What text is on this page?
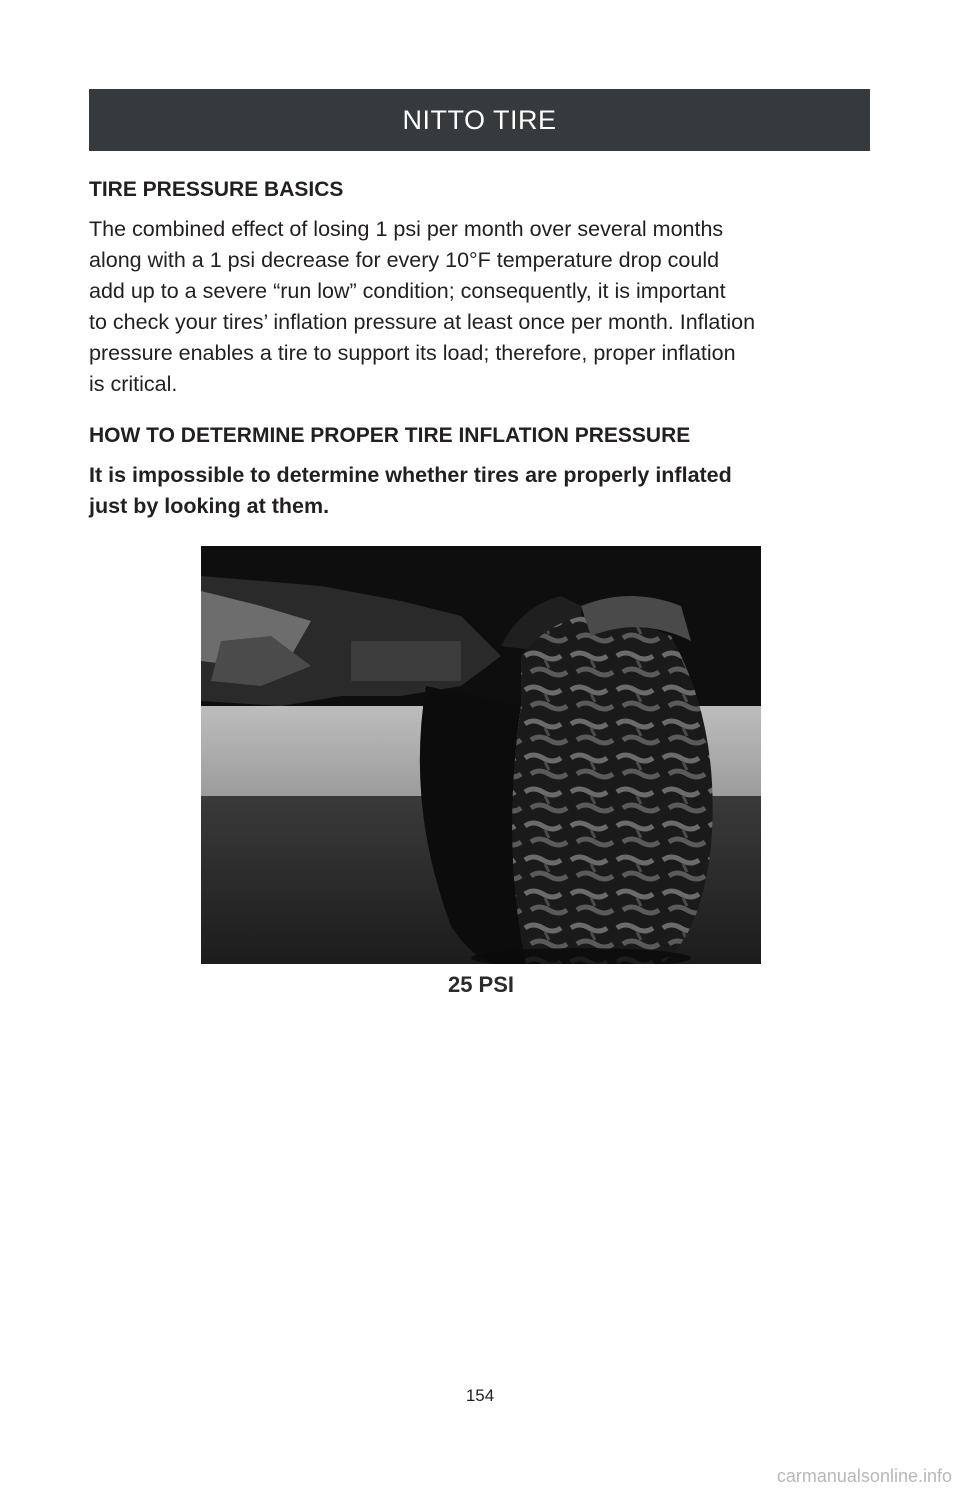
NITTO TIRE
TIRE PRESSURE BASICS

The combined effect of losing 1 psi per month over several months
along with a 1 psi decrease for every 10°F temperature drop could
add up to a severe “run low” condition; consequently, it is important
to check your tires’ inflation pressure at least once per month. Inflation
pressure enables a tire to support its load; therefore, proper inflation
is critical.

HOW TO DETERMINE PROPER TIRE INFLATION PRESSURE

It is impossible to determine whether tires are properly inflated
just by looking at them.

25 PSI
154
carmanualsonline.info
